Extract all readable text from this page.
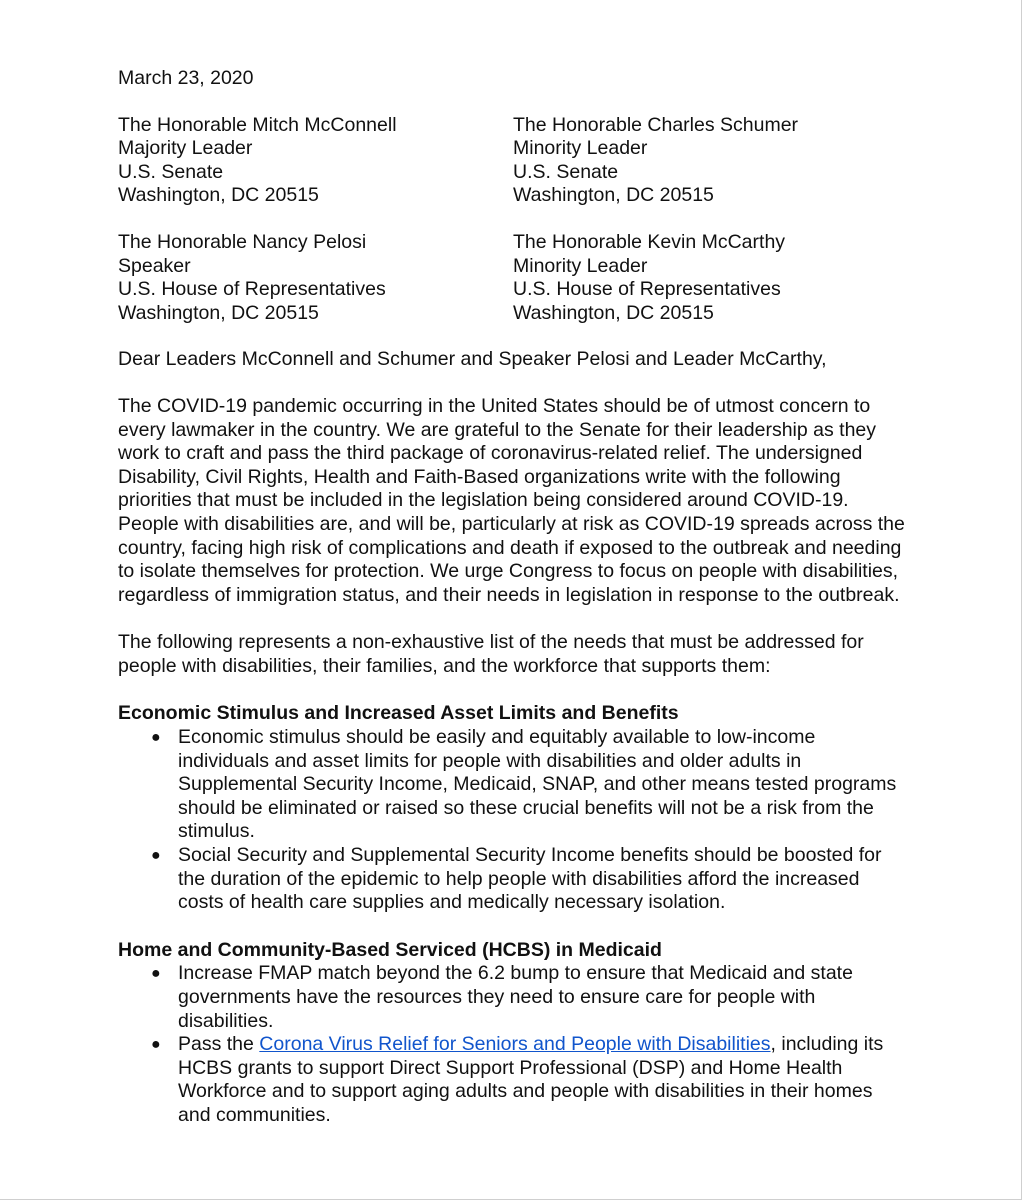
March 23, 2020

The Honorable Mitch McConnell
Majority Leader
U.S. Senate
Washington, DC 20515
The Honorable Charles Schumer
Minority Leader
U.S. Senate
Washington, DC 20515
The Honorable Nancy Pelosi
Speaker
U.S. House of Representatives
Washington, DC 20515
The Honorable Kevin McCarthy
Minority Leader
U.S. House of Representatives
Washington, DC 20515

Dear Leaders McConnell and Schumer and Speaker Pelosi and Leader McCarthy,

The COVID-19 pandemic occurring in the United States should be of utmost concern to every lawmaker in the country. We are grateful to the Senate for their leadership as they work to craft and pass the third package of coronavirus-related relief. The undersigned Disability, Civil Rights, Health and Faith-Based organizations write with the following priorities that must be included in the legislation being considered around COVID-19. People with disabilities are, and will be, particularly at risk as COVID-19 spreads across the country, facing high risk of complications and death if exposed to the outbreak and needing to isolate themselves for protection. We urge Congress to focus on people with disabilities, regardless of immigration status, and their needs in legislation in response to the outbreak.

The following represents a non-exhaustive list of the needs that must be addressed for people with disabilities, their families, and the workforce that supports them:

Economic Stimulus and Increased Asset Limits and Benefits

● Economic stimulus should be easily and equitably available to low-income individuals and asset limits for people with disabilities and older adults in Supplemental Security Income, Medicaid, SNAP, and other means tested programs should be eliminated or raised so these crucial benefits will not be a risk from the stimulus.
● Social Security and Supplemental Security Income benefits should be boosted for the duration of the epidemic to help people with disabilities afford the increased costs of health care supplies and medically necessary isolation.

Home and Community-Based Serviced (HCBS) in Medicaid

● Increase FMAP match beyond the 6.2 bump to ensure that Medicaid and state governments have the resources they need to ensure care for people with disabilities.
● Pass the Corona Virus Relief for Seniors and People with Disabilities, including its HCBS grants to support Direct Support Professional (DSP) and Home Health Workforce and to support aging adults and people with disabilities in their homes and communities.
